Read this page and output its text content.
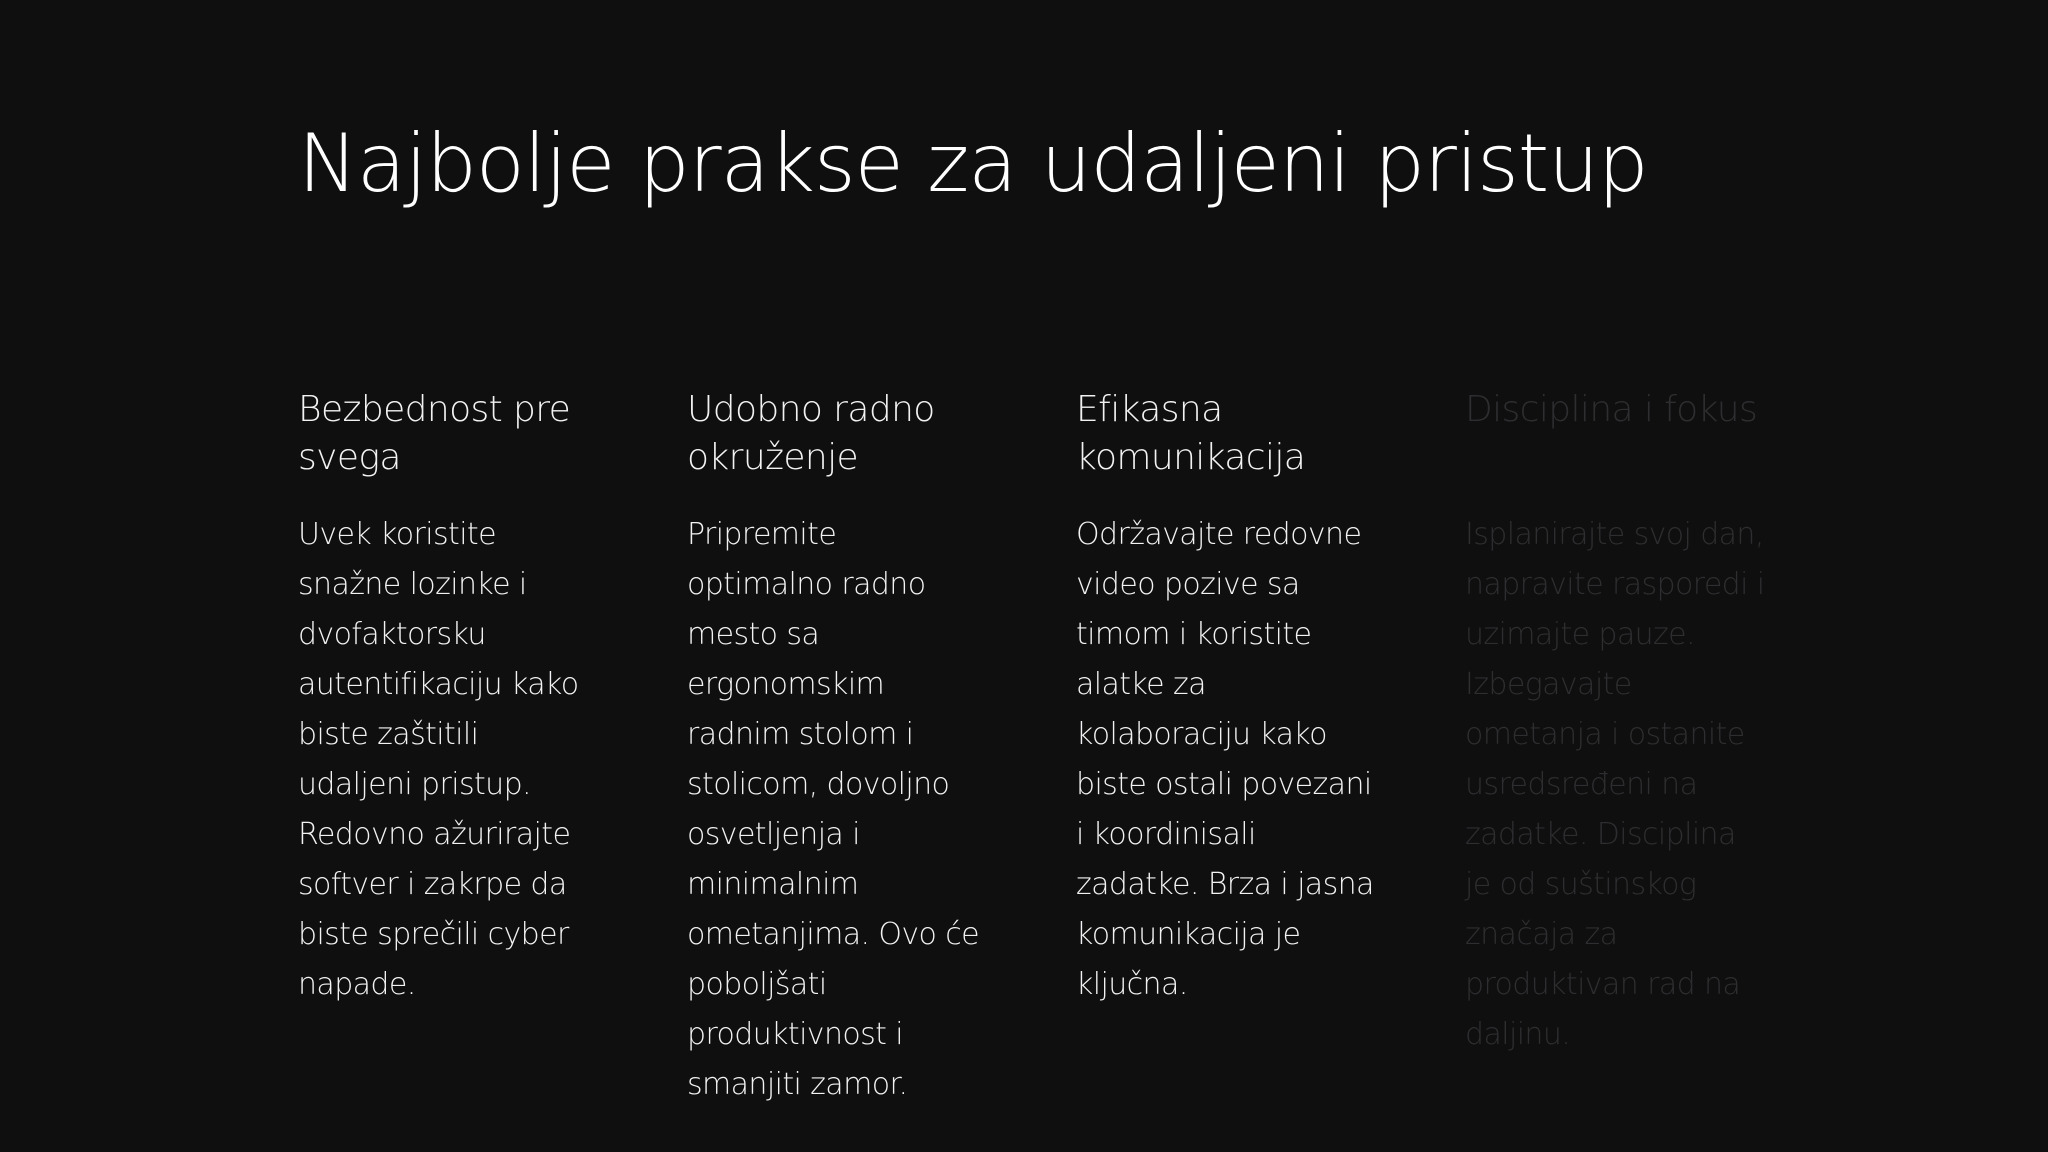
Najbolje prakse za udaljeni pristup
Bezbednost pre svega

Uvek koristite snažne lozinke i dvofaktorsku autentifikaciju kako biste zaštitili udaljeni pristup. Redovno ažurirajte softver i zakrpe da biste sprečili cyber napade.

Udobno radno okruženje

Pripremite optimalno radno mesto sa ergonomskim radnim stolom i stolicom, dovoljno osvetljenja i minimalnim ometanjima. Ovo će poboljšati produktivnost i smanjiti zamor.

Efikasna komunikacija

Održavajte redovne video pozive sa timom i koristite alatke za kolaboraciju kako biste ostali povezani i koordinisali zadatke. Brza i jasna komunikacija je ključna.

Disciplina i fokus

Isplanirajte svoj dan, napravite rasporedi i uzimajte pauze. Izbegavajte ometanja i ostanite usredsređeni na zadatke. Disciplina je od suštinskog značaja za produktivan rad na daljinu.
